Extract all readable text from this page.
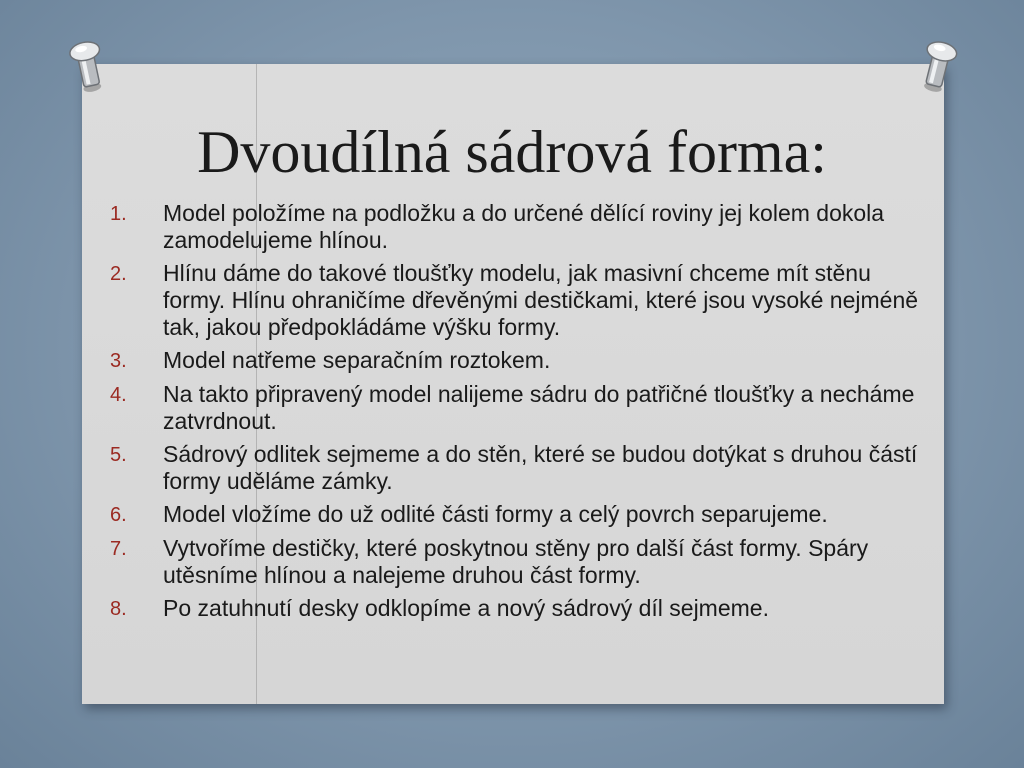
Dvoudílná sádrová forma:
1.	Model položíme na podložku a do určené dělící roviny jej kolem dokola zamodelujeme hlínou.
2.	Hlínu dáme do takové tloušťky modelu, jak masivní chceme mít stěnu formy. Hlínu ohraničíme dřevěnými destičkami, které jsou vysoké nejméně tak, jakou předpokládáme výšku formy.
3.	Model natřeme separačním roztokem.
4.	Na takto připravený model nalijeme sádru do patřičné tloušťky a necháme zatvrdnout.
5.	Sádrový odlitek sejmeme a do stěn, které se budou dotýkat s druhou částí formy uděláme zámky.
6.	Model vložíme do už odlité části formy a celý povrch separujeme.
7.	Vytvoříme destičky, které poskytnou stěny pro další část formy. Spáry utěsníme hlínou a nalejeme druhou část formy.
8.	Po zatuhnutí desky odklopíme a nový sádrový díl sejmeme.
